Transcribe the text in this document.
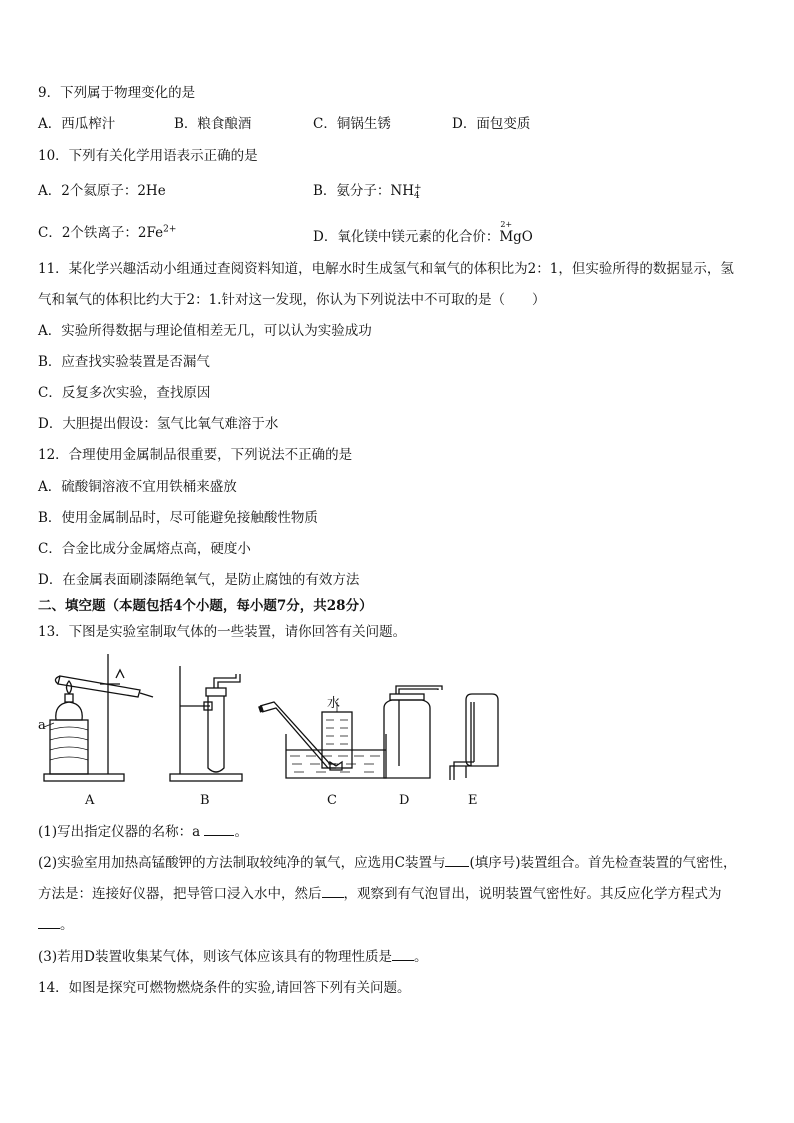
9．下列属于物理变化的是
A．西瓜榨汁	B．粮食酿酒	C．铜锅生锈	D．面包变质
10．下列有关化学用语表示正确的是
A．2个氦原子：2He	B．氨分子：NH +
4
C．2个铁离子：$2Fe^{2+}$	D．氧化镁中镁元素的化合价：
2+
MgO
11．某化学兴趣活动小组通过查阅资料知道，电解水时生成氢气和氧气的体积比为2：1，但实验所得的数据显示，氢
气和氧气的体积比约大于2：1.针对这一发现，你认为下列说法中不可取的是（　　）
A．实验所得数据与理论值相差无几，可以认为实验成功
B．应查找实验装置是否漏气
C．反复多次实验，查找原因
D．大胆提出假设：氢气比氧气难溶于水
12．合理使用金属制品很重要，下列说法不正确的是
A．硫酸铜溶液不宜用铁桶来盛放
B．使用金属制品时，尽可能避免接触酸性物质
C．合金比成分金属熔点高，硬度小
D．在金属表面刷漆隔绝氧气，是防止腐蚀的有效方法
二、填空题（本题包括4个小题，每小题7分，共28分）
13．下图是实验室制取气体的一些装置，请你回答有关问题。
a
水
A	B	C	D	E
(1)写出指定仪器的名称：a	。
(2)实验室用加热高锰酸钾的方法制取较纯净的氧气，应选用C装置与 (填序号)装置组合。首先检查装置的气密性，
方法是：连接好仪器，把导管口浸入水中，然后 ，观察到有气泡冒出，说明装置气密性好。其反应化学方程式为
。
(3)若用D装置收集某气体，则该气体应该具有的物理性质是 。
14．如图是探究可燃物燃烧条件的实验,请回答下列有关问题。
